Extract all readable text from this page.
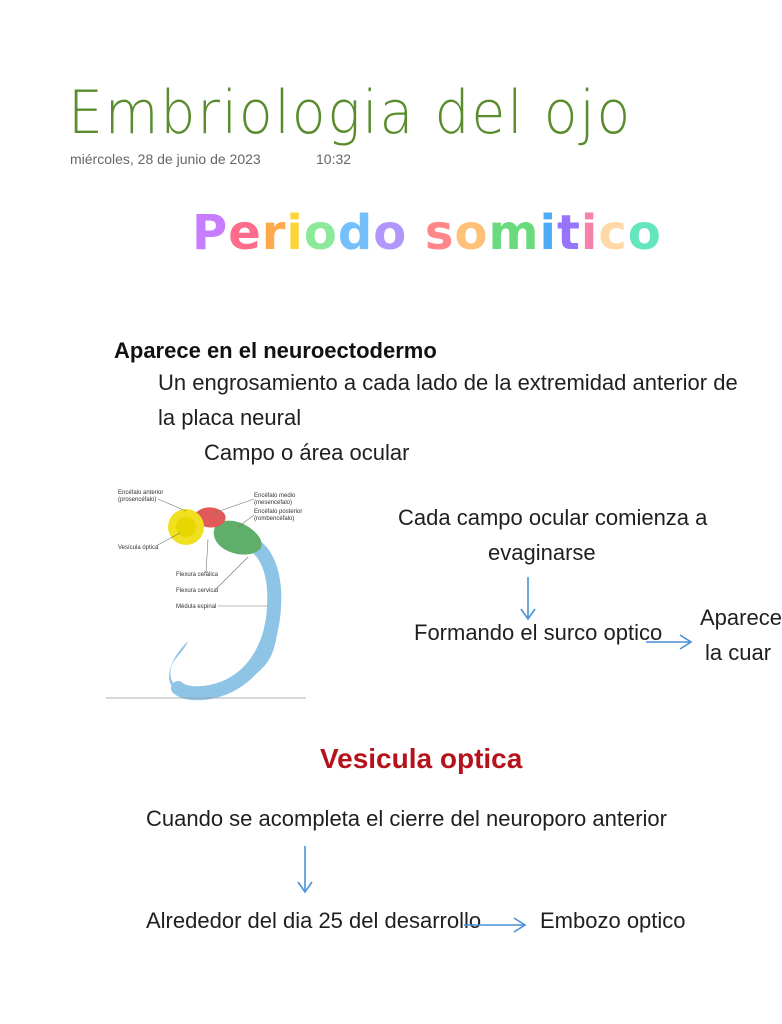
Embriologia del ojo
miércoles, 28 de junio de 2023	10:32
Periodo somitico
Aparece en el neuroectodermo
Un engrosamiento a cada lado de la extremidad anterior de
la placa neural
Campo o área ocular
Encéfalo anterior
(prosencéfalo)
Vesícula óptica
Encéfalo medio
(mesencéfalo)
Encéfalo posterior
(rombencéfalo)
Flexura cefálica
Flexura cervical
Médula espinal
Cada campo ocular comienza a
evaginarse
Formando el surco optico
Aparece
la cuar
Vesicula optica
Cuando se acompleta el cierre del neuroporo anterior
Alrededor del dia 25 del desarrollo	Embozo optico
